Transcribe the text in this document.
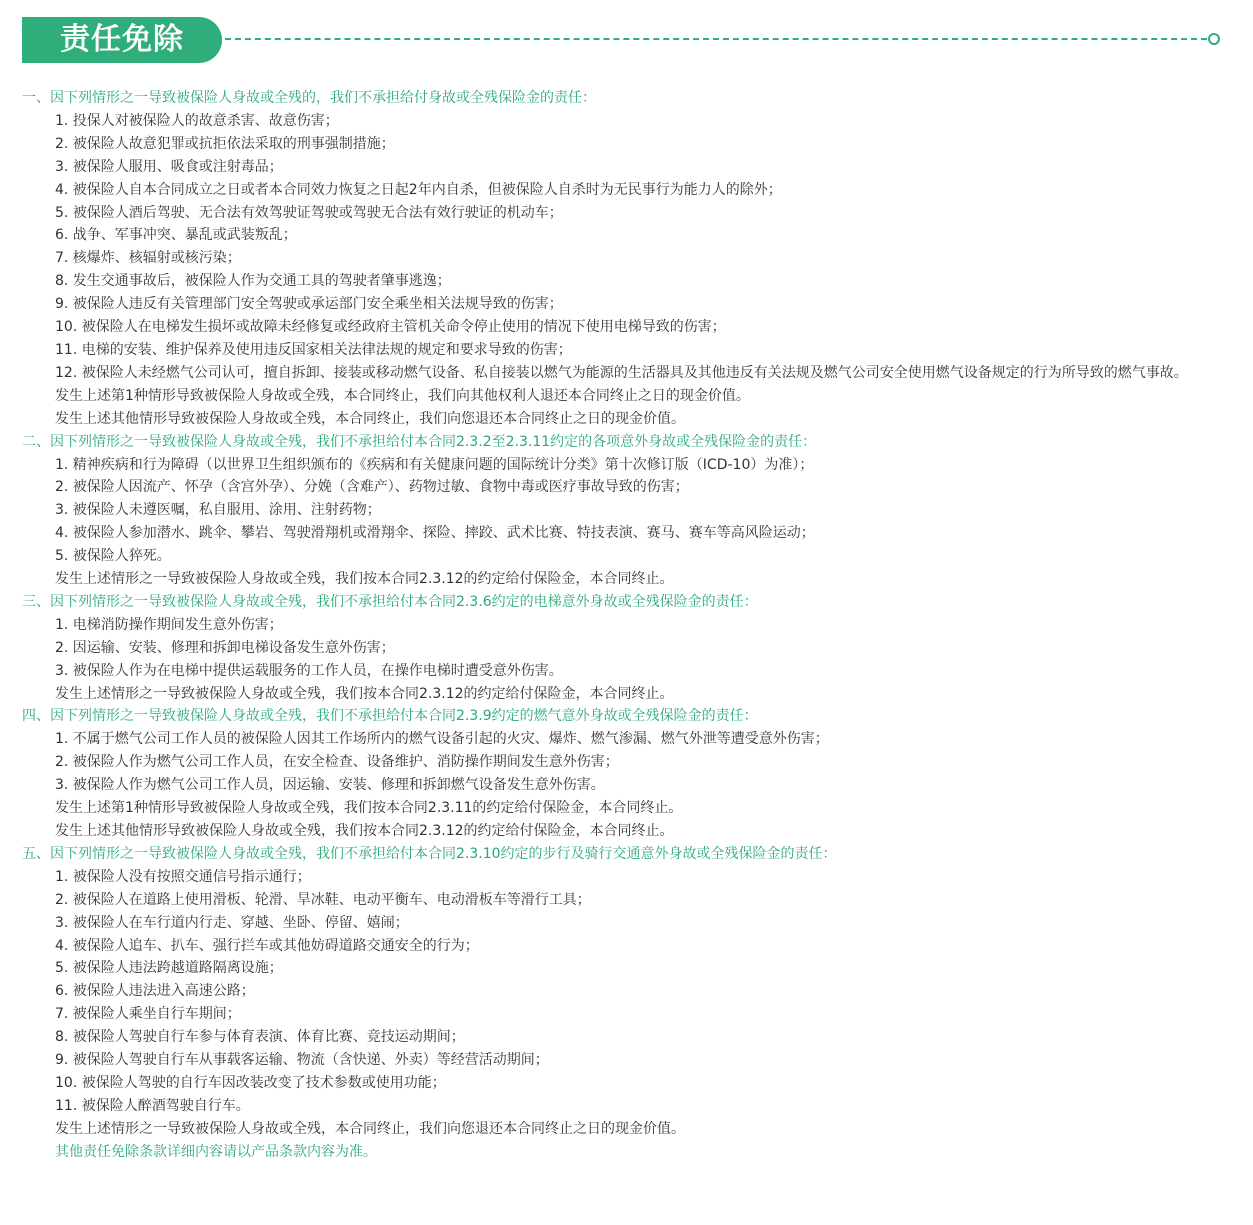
责任免除
一、因下列情形之一导致被保险人身故或全残的，我们不承担给付身故或全残保险金的责任：
1. 投保人对被保险人的故意杀害、故意伤害；
2. 被保险人故意犯罪或抗拒依法采取的刑事强制措施；
3. 被保险人服用、吸食或注射毒品；
4. 被保险人自本合同成立之日或者本合同效力恢复之日起2年内自杀，但被保险人自杀时为无民事行为能力人的除外；
5. 被保险人酒后驾驶、无合法有效驾驶证驾驶或驾驶无合法有效行驶证的机动车；
6. 战争、军事冲突、暴乱或武装叛乱；
7. 核爆炸、核辐射或核污染；
8. 发生交通事故后，被保险人作为交通工具的驾驶者肇事逃逸；
9. 被保险人违反有关管理部门安全驾驶或承运部门安全乘坐相关法规导致的伤害；
10. 被保险人在电梯发生损坏或故障未经修复或经政府主管机关命令停止使用的情况下使用电梯导致的伤害；
11. 电梯的安装、维护保养及使用违反国家相关法律法规的规定和要求导致的伤害；
12. 被保险人未经燃气公司认可，擅自拆卸、接装或移动燃气设备、私自接装以燃气为能源的生活器具及其他违反有关法规及燃气公司安全使用燃气设备规定的行为所导致的燃气事故。
发生上述第1种情形导致被保险人身故或全残，本合同终止，我们向其他权利人退还本合同终止之日的现金价值。
发生上述其他情形导致被保险人身故或全残，本合同终止，我们向您退还本合同终止之日的现金价值。
二、因下列情形之一导致被保险人身故或全残，我们不承担给付本合同2.3.2至2.3.11约定的各项意外身故或全残保险金的责任：
1. 精神疾病和行为障碍（以世界卫生组织颁布的《疾病和有关健康问题的国际统计分类》第十次修订版（ICD-10）为准）；
2. 被保险人因流产、怀孕（含宫外孕）、分娩（含难产）、药物过敏、食物中毒或医疗事故导致的伤害；
3. 被保险人未遵医嘱，私自服用、涂用、注射药物；
4. 被保险人参加潜水、跳伞、攀岩、驾驶滑翔机或滑翔伞、探险、摔跤、武术比赛、特技表演、赛马、赛车等高风险运动；
5. 被保险人猝死。
发生上述情形之一导致被保险人身故或全残，我们按本合同2.3.12的约定给付保险金，本合同终止。
三、因下列情形之一导致被保险人身故或全残，我们不承担给付本合同2.3.6约定的电梯意外身故或全残保险金的责任：
1. 电梯消防操作期间发生意外伤害；
2. 因运输、安装、修理和拆卸电梯设备发生意外伤害；
3. 被保险人作为在电梯中提供运载服务的工作人员，在操作电梯时遭受意外伤害。
发生上述情形之一导致被保险人身故或全残，我们按本合同2.3.12的约定给付保险金，本合同终止。
四、因下列情形之一导致被保险人身故或全残，我们不承担给付本合同2.3.9约定的燃气意外身故或全残保险金的责任：
1. 不属于燃气公司工作人员的被保险人因其工作场所内的燃气设备引起的火灾、爆炸、燃气渗漏、燃气外泄等遭受意外伤害；
2. 被保险人作为燃气公司工作人员，在安全检查、设备维护、消防操作期间发生意外伤害；
3. 被保险人作为燃气公司工作人员，因运输、安装、修理和拆卸燃气设备发生意外伤害。
发生上述第1种情形导致被保险人身故或全残，我们按本合同2.3.11的约定给付保险金，本合同终止。
发生上述其他情形导致被保险人身故或全残，我们按本合同2.3.12的约定给付保险金，本合同终止。
五、因下列情形之一导致被保险人身故或全残，我们不承担给付本合同2.3.10约定的步行及骑行交通意外身故或全残保险金的责任：
1. 被保险人没有按照交通信号指示通行；
2. 被保险人在道路上使用滑板、轮滑、旱冰鞋、电动平衡车、电动滑板车等滑行工具；
3. 被保险人在车行道内行走、穿越、坐卧、停留、嬉闹；
4. 被保险人追车、扒车、强行拦车或其他妨碍道路交通安全的行为；
5. 被保险人违法跨越道路隔离设施；
6. 被保险人违法进入高速公路；
7. 被保险人乘坐自行车期间；
8. 被保险人驾驶自行车参与体育表演、体育比赛、竞技运动期间；
9. 被保险人驾驶自行车从事载客运输、物流（含快递、外卖）等经营活动期间；
10. 被保险人驾驶的自行车因改装改变了技术参数或使用功能；
11. 被保险人醉酒驾驶自行车。
发生上述情形之一导致被保险人身故或全残，本合同终止，我们向您退还本合同终止之日的现金价值。
其他责任免除条款详细内容请以产品条款内容为准。
